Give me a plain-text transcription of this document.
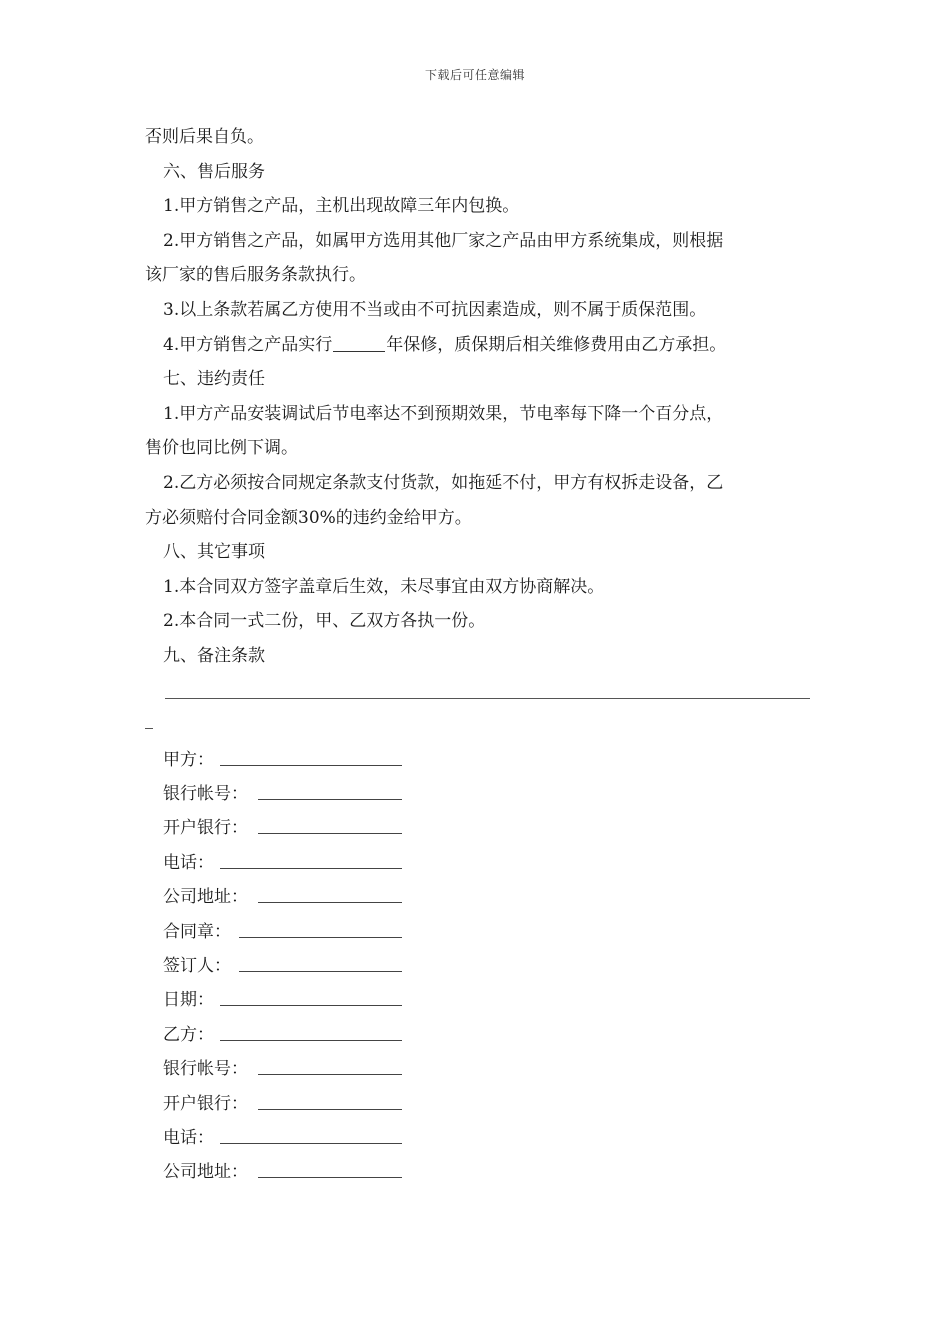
下载后可任意编辑
否则后果自负。
六、售后服务
1.甲方销售之产品，主机出现故障三年内包换。
2.甲方销售之产品，如属甲方选用其他厂家之产品由甲方系统集成，则根据
该厂家的售后服务条款执行。
3.以上条款若属乙方使用不当或由不可抗因素造成，则不属于质保范围。
4.甲方销售之产品实行	年保修，质保期后相关维修费用由乙方承担。
七、违约责任
1.甲方产品安装调试后节电率达不到预期效果，节电率每下降一个百分点，
售价也同比例下调。
2.乙方必须按合同规定条款支付货款，如拖延不付，甲方有权拆走设备，乙
方必须赔付合同金额30%的违约金给甲方。
八、其它事项
1.本合同双方签字盖章后生效，未尽事宜由双方协商解决。
2.本合同一式二份，甲、乙双方各执一份。
九、备注条款
甲方：
银行帐号：
开户银行：
电话：
公司地址：
合同章：
签订人：
日期：
乙方：
银行帐号：
开户银行：
电话：
公司地址：
